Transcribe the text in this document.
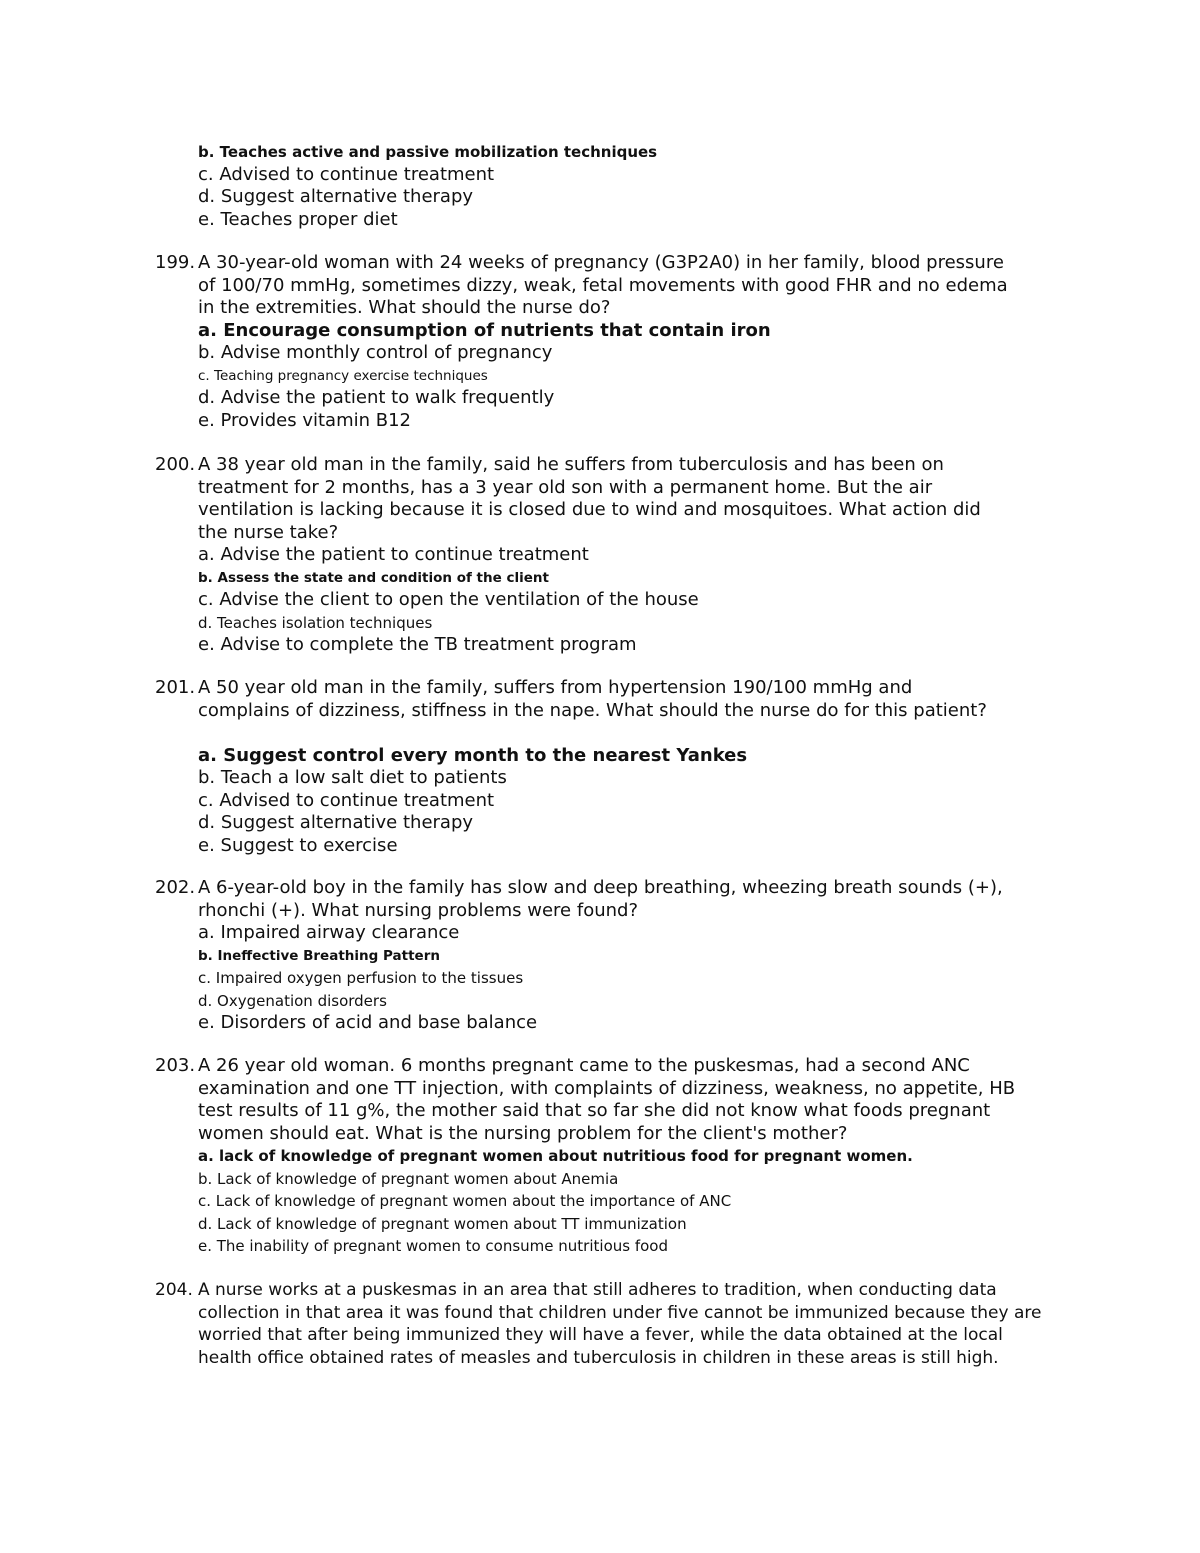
b. Teaches active and passive mobilization techniques
c. Advised to continue treatment
d. Suggest alternative therapy
e. Teaches proper diet
199. A 30-year-old woman with 24 weeks of pregnancy (G3P2A0) in her family, blood pressure
of 100/70 mmHg, sometimes dizzy, weak, fetal movements with good FHR and no edema
in the extremities. What should the nurse do?
a. Encourage consumption of nutrients that contain iron
b. Advise monthly control of pregnancy
c. Teaching pregnancy exercise techniques
d. Advise the patient to walk frequently
e. Provides vitamin B12
200. A 38 year old man in the family, said he suffers from tuberculosis and has been on
treatment for 2 months, has a 3 year old son with a permanent home. But the air
ventilation is lacking because it is closed due to wind and mosquitoes. What action did
the nurse take?
a. Advise the patient to continue treatment
b. Assess the state and condition of the client
c. Advise the client to open the ventilation of the house
d. Teaches isolation techniques
e. Advise to complete the TB treatment program
201. A 50 year old man in the family, suffers from hypertension 190/100 mmHg and
complains of dizziness, stiffness in the nape. What should the nurse do for this patient?
a. Suggest control every month to the nearest Yankes
b. Teach a low salt diet to patients
c. Advised to continue treatment
d. Suggest alternative therapy
e. Suggest to exercise
202. A 6-year-old boy in the family has slow and deep breathing, wheezing breath sounds (+),
rhonchi (+). What nursing problems were found?
a. Impaired airway clearance
b. Ineffective Breathing Pattern
c. Impaired oxygen perfusion to the tissues
d. Oxygenation disorders
e. Disorders of acid and base balance
203. A 26 year old woman. 6 months pregnant came to the puskesmas, had a second ANC
examination and one TT injection, with complaints of dizziness, weakness, no appetite, HB
test results of 11 g%, the mother said that so far she did not know what foods pregnant
women should eat. What is the nursing problem for the client's mother?
a. lack of knowledge of pregnant women about nutritious food for pregnant women.
b. Lack of knowledge of pregnant women about Anemia
c. Lack of knowledge of pregnant women about the importance of ANC
d. Lack of knowledge of pregnant women about TT immunization
e. The inability of pregnant women to consume nutritious food
204. A nurse works at a puskesmas in an area that still adheres to tradition, when conducting data
collection in that area it was found that children under five cannot be immunized because they are
worried that after being immunized they will have a fever, while the data obtained at the local
health office obtained rates of measles and tuberculosis in children in these areas is still high.
